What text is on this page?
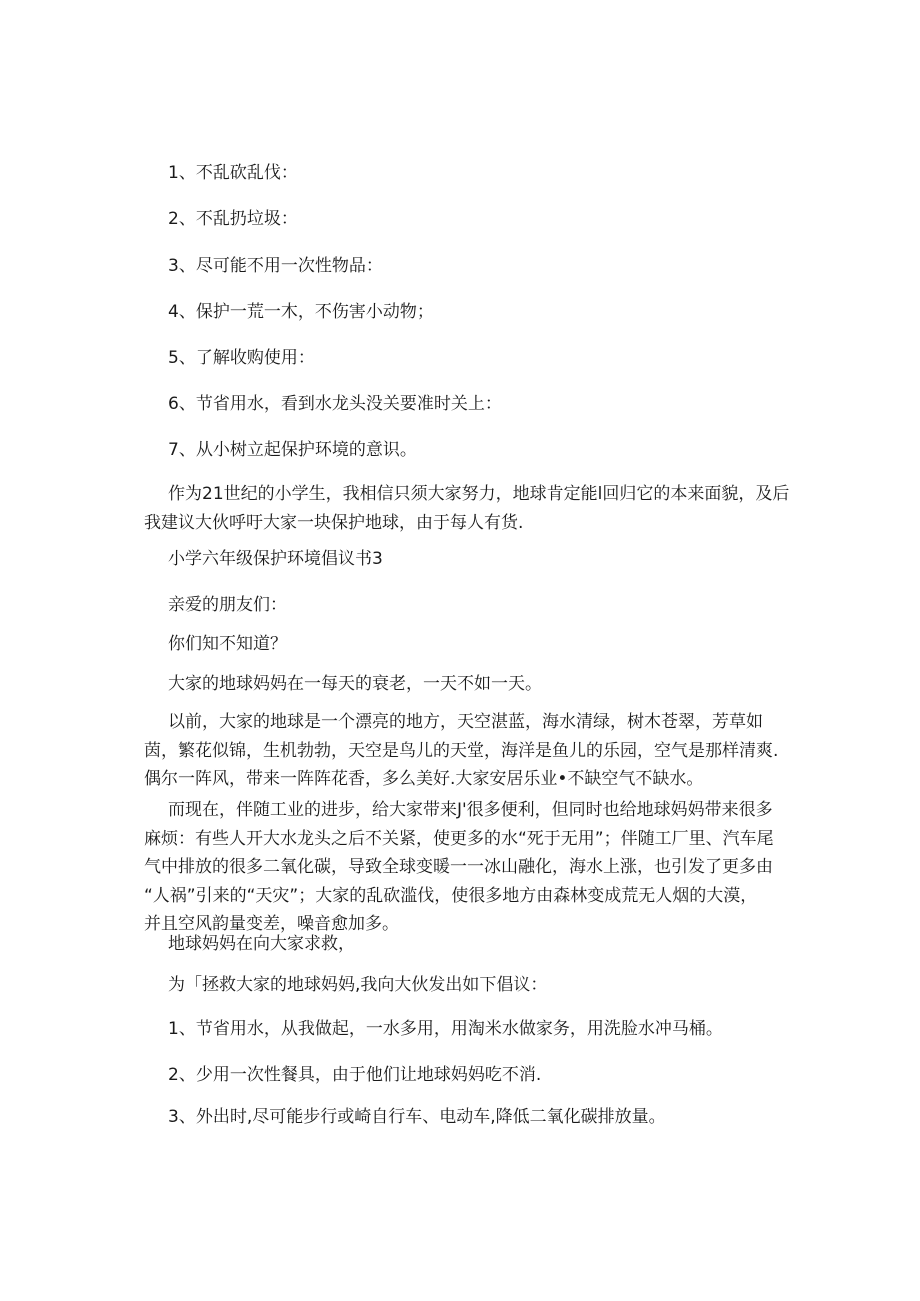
1、不乱砍乱伐：

2、不乱扔垃圾：

3、尽可能不用一次性物品：

4、保护一荒一木，不伤害小动物；

5、了解收购使用：

6、节省用水，看到水龙头没关要准时关上：

7、从小树立起保护环境的意识。

作为21世纪的小学生，我相信只须大家努力，地球肯定能l回归它的本来面貌，及后
我建议大伙呼吁大家一块保护地球，由于每人有货.

小学六年级保护环境倡议书3

亲爱的朋友们：

你们知不知道？

大家的地球妈妈在一每天的衰老，一天不如一天。

以前，大家的地球是一个漂亮的地方，天空湛蓝，海水清绿，树木苍翠，芳草如
茵，繁花似锦，生机勃勃，天空是鸟儿的天堂，海洋是鱼儿的乐园，空气是那样清爽.
偶尔一阵风，带来一阵阵花香，多么美好.大家安居乐业•不缺空气不缺水。
而现在，伴随工业的进步，给大家带来J'很多便利，但同时也给地球妈妈带来很多
麻烦：有些人开大水龙头之后不关紧，使更多的水“死于无用”；伴随工厂里、汽车尾
气中排放的很多二氧化碳，导致全球变暖一一冰山融化，海水上涨，也引发了更多由
“人祸”引来的“天灾”；大家的乱砍滥伐，使很多地方由森林变成荒无人烟的大漠，
并且空风韵量变差，噪音愈加多。

地球妈妈在向大家求救，

为「拯救大家的地球妈妈,我向大伙发出如下倡议：

1、节省用水，从我做起，一水多用，用淘米水做家务，用洗脸水冲马桶。

2、少用一次性餐具，由于他们让地球妈妈吃不消.

3、外出时,尽可能步行或崎自行车、电动车,降低二氧化碳排放量。
